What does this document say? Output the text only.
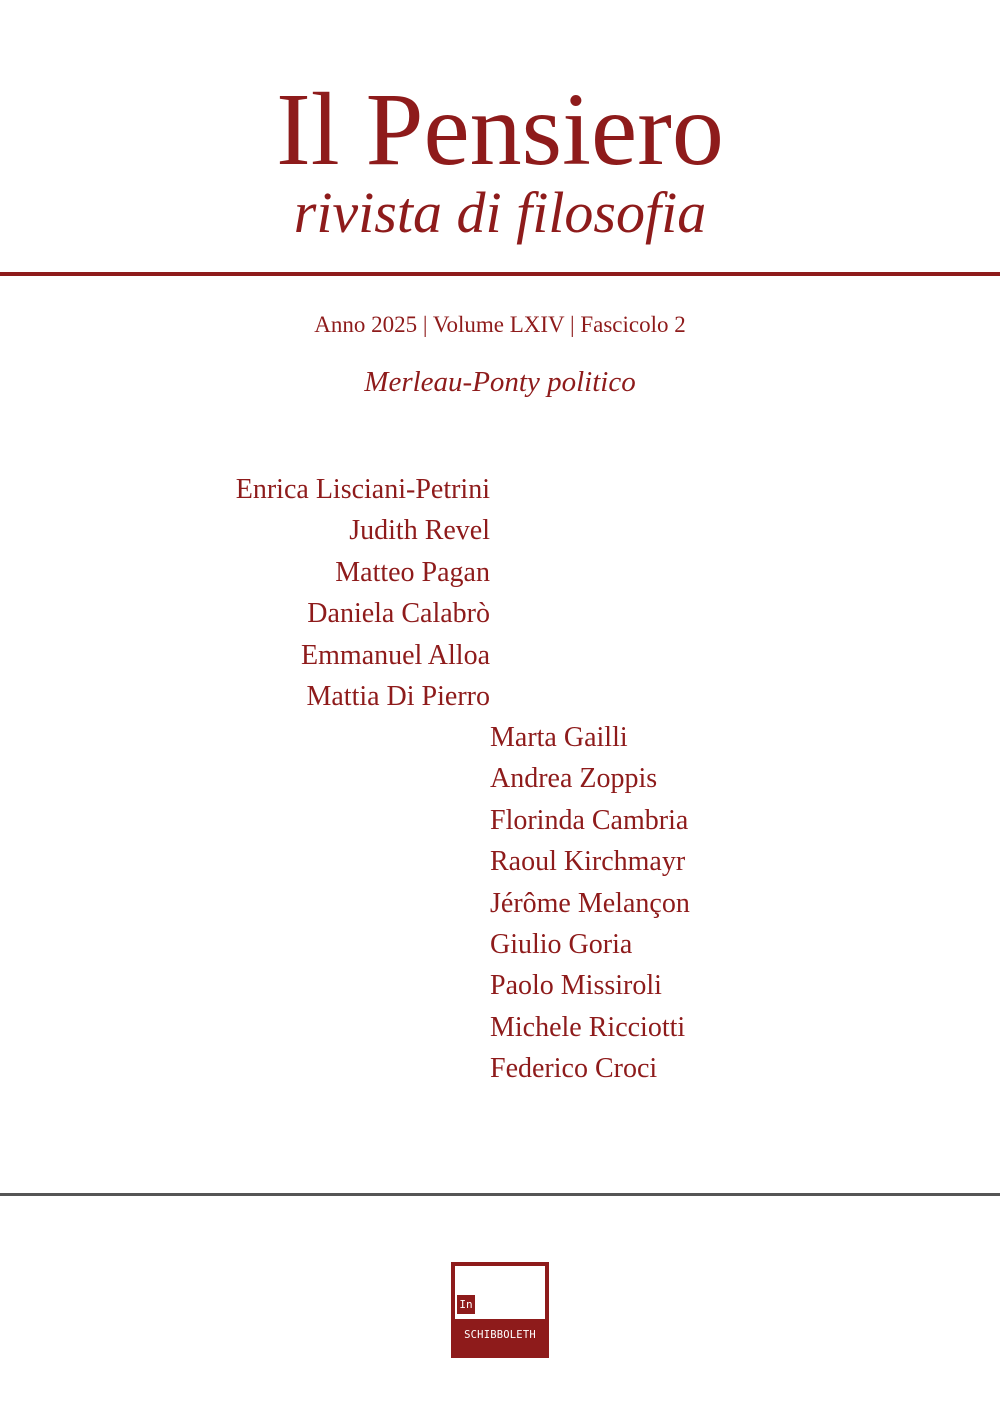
Il Pensiero
rivista di filosofia
Anno 2025 | Volume LXIV | Fascicolo 2
Merleau-Ponty politico
Enrica Lisciani-Petrini
Judith Revel
Matteo Pagan
Daniela Calabrò
Emmanuel Alloa
Mattia Di Pierro
Marta Gailli
Andrea Zoppis
Florinda Cambria
Raoul Kirchmayr
Jérôme Melançon
Giulio Goria
Paolo Missiroli
Michele Ricciotti
Federico Croci
In
SCHIBBOLETH
